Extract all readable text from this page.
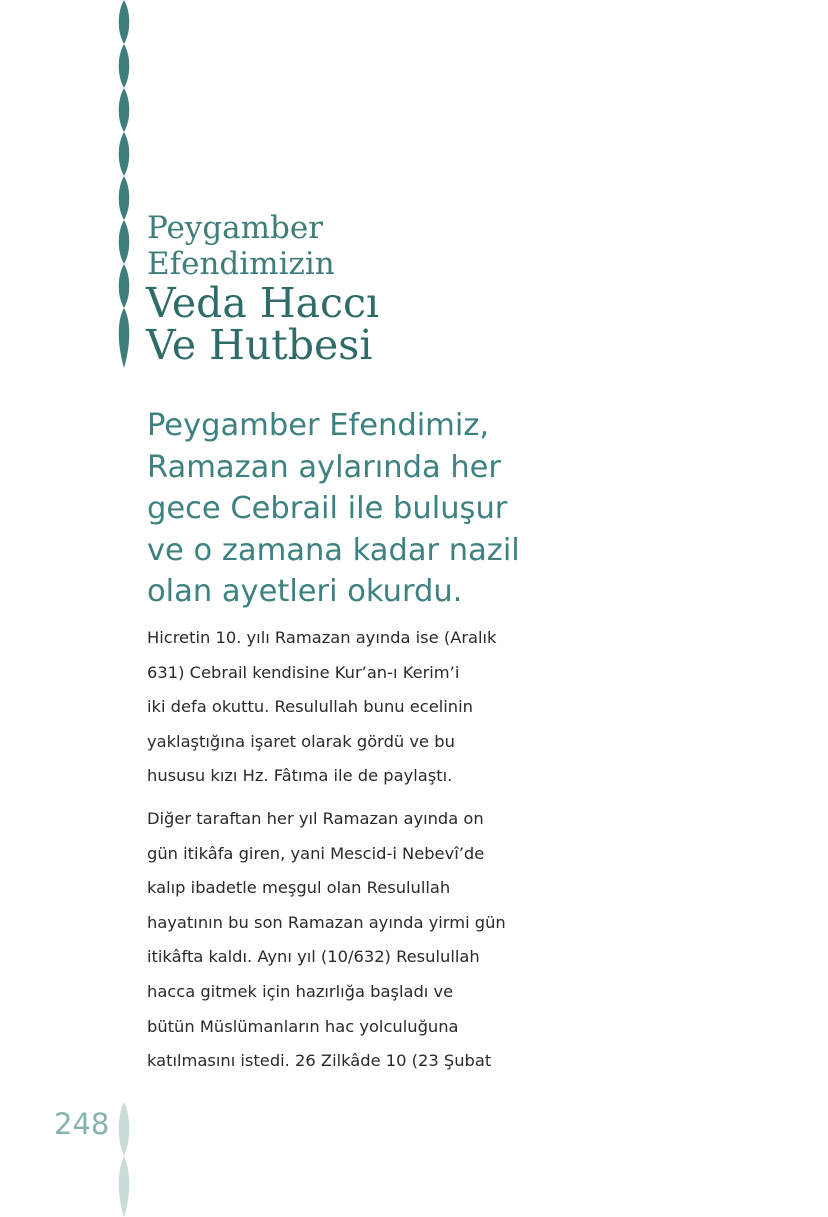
Peygamber
Efendimizin
Veda Haccı
Ve Hutbesi

Peygamber Efendimiz,
Ramazan aylarında her
gece Cebrail ile buluşur
ve o zamana kadar nazil
olan ayetleri okurdu.

Hicretin 10. yılı Ramazan ayında ise (Aralık
631) Cebrail kendisine Kur’an-ı Kerim’i
iki defa okuttu. Resulullah bunu ecelinin
yaklaştığına işaret olarak gördü ve bu
hususu kızı Hz. Fâtıma ile de paylaştı.

Diğer taraftan her yıl Ramazan ayında on
gün itikâfa giren, yani Mescid-i Nebevî’de
kalıp ibadetle meşgul olan Resulullah
hayatının bu son Ramazan ayında yirmi gün
itikâfta kaldı. Aynı yıl (10/632) Resulullah
hacca gitmek için hazırlığa başladı ve
bütün Müslümanların hac yolculuğuna
katılmasını istedi. 26 Zilkâde 10 (23 Şubat

248
